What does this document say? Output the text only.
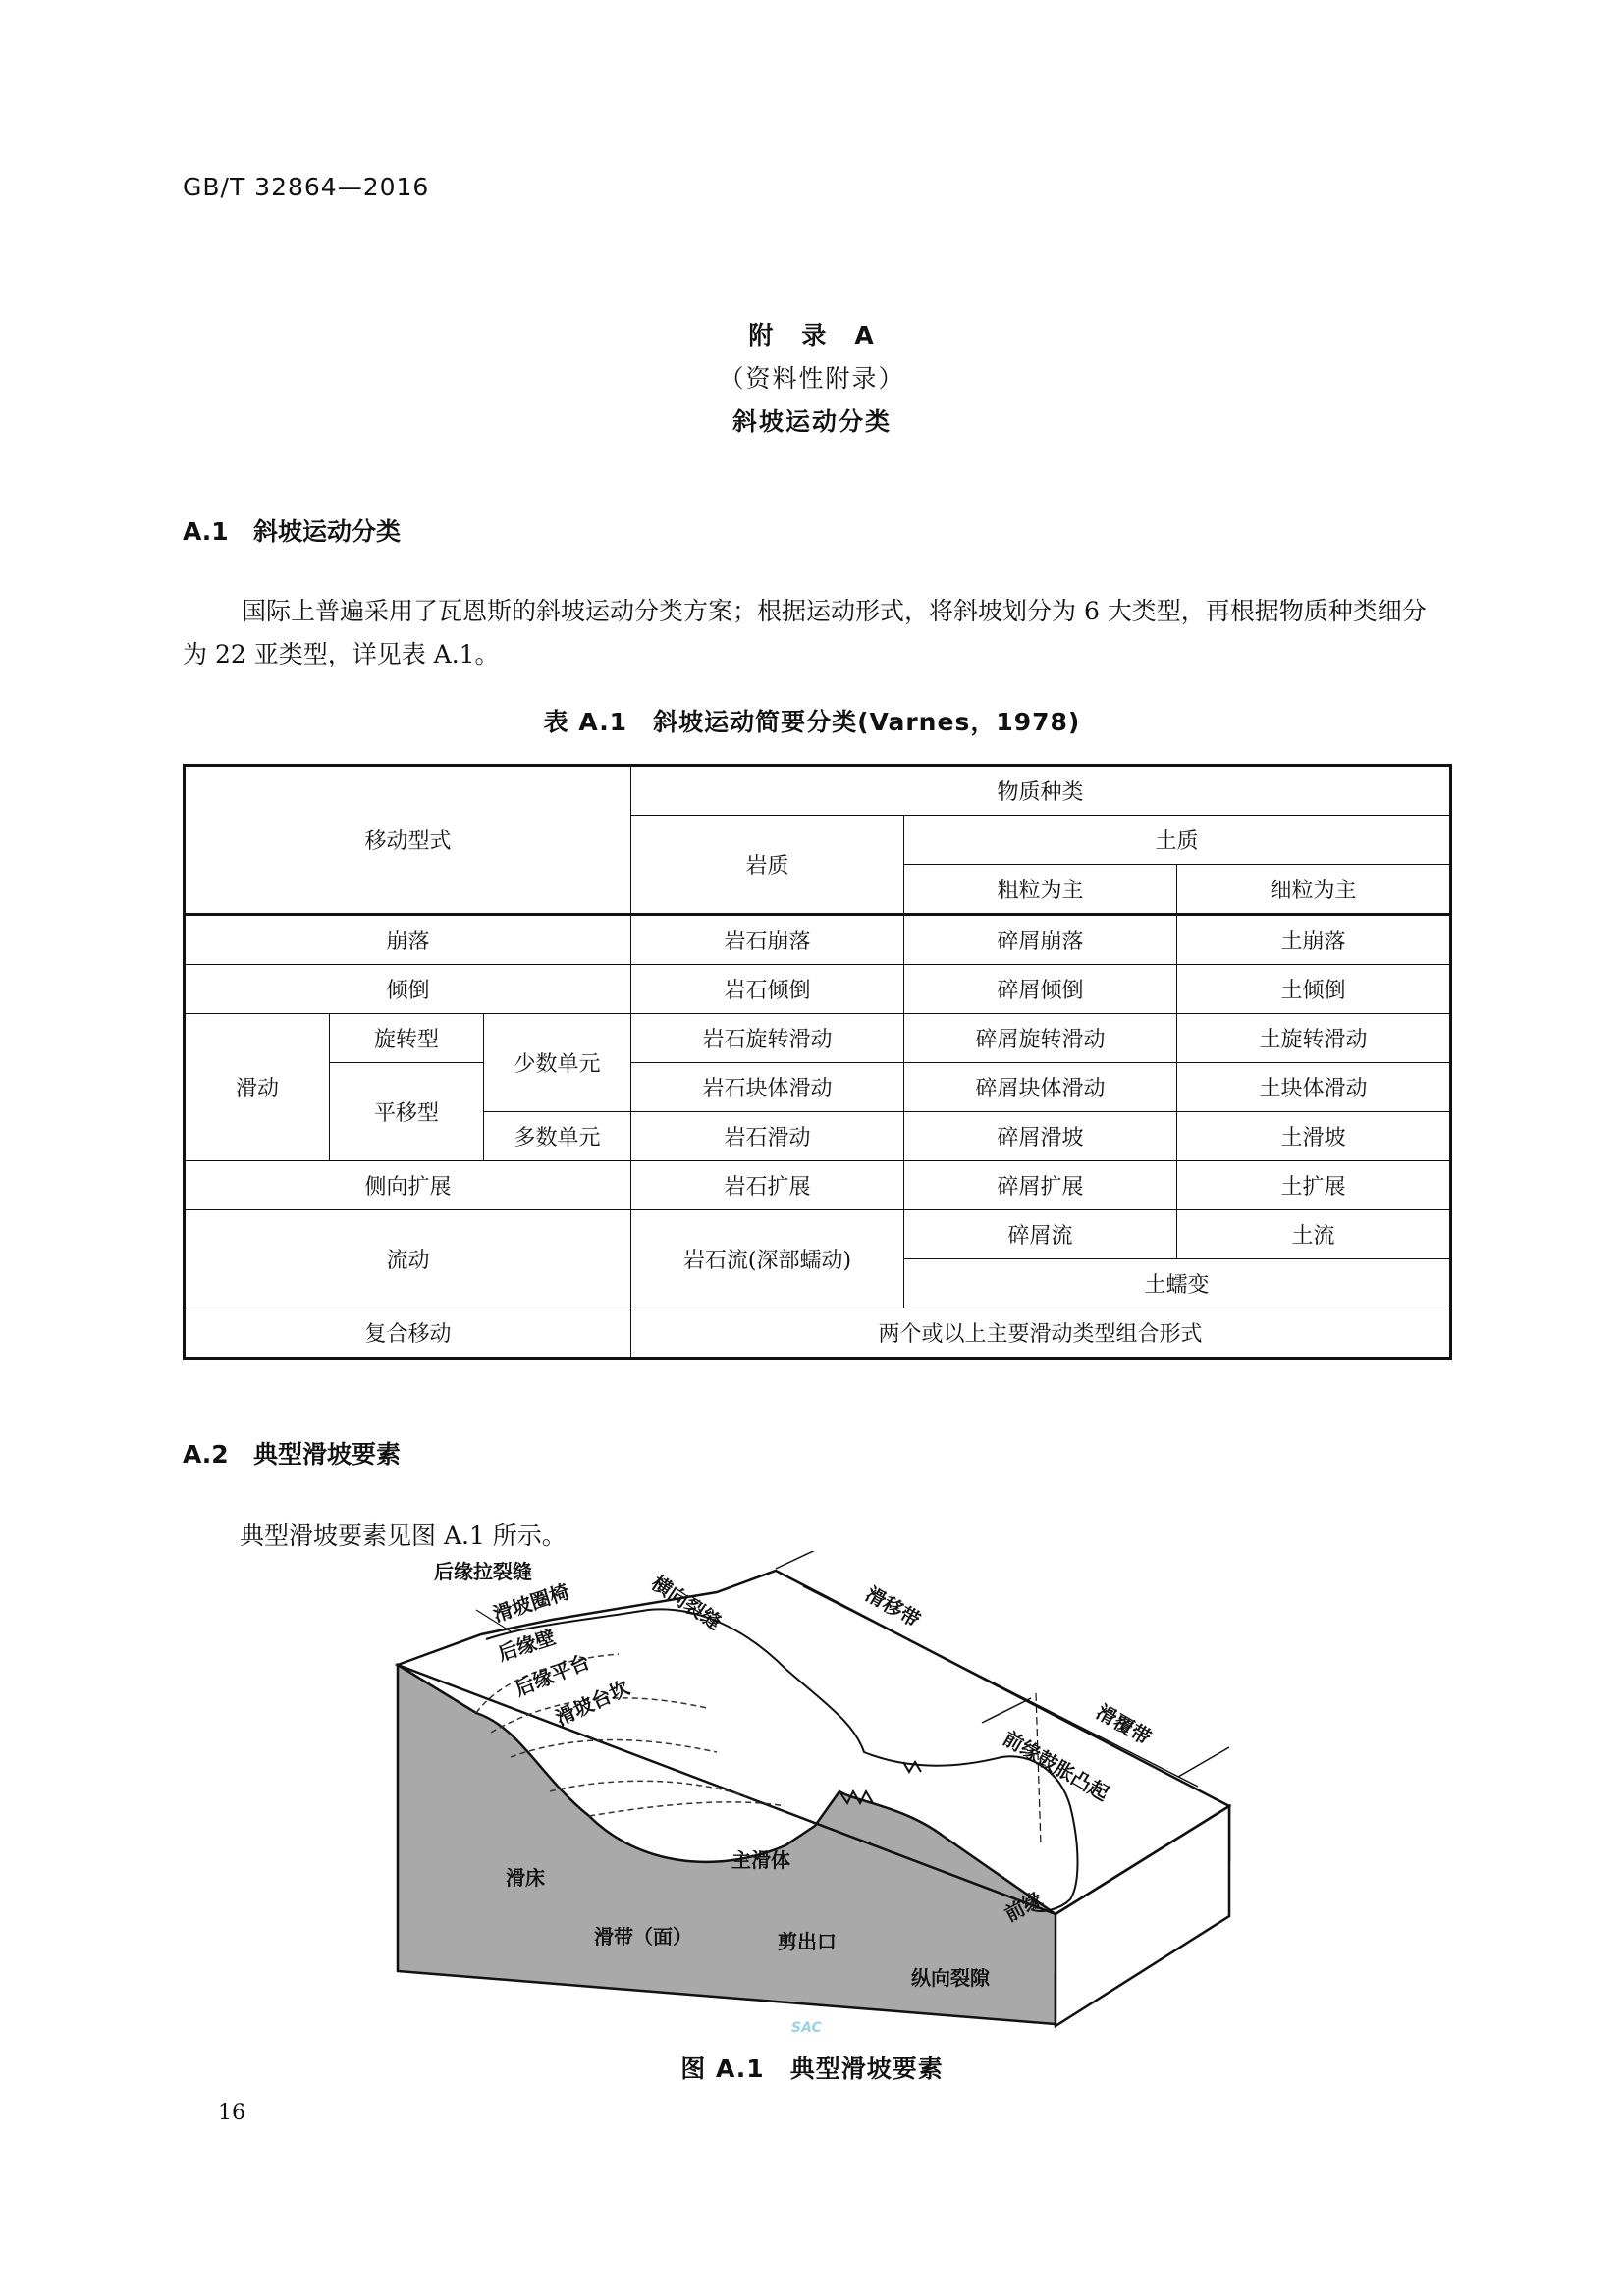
GB/T 32864—2016
附　录　A
（资料性附录）
斜坡运动分类
A.1 斜坡运动分类
国际上普遍采用了瓦恩斯的斜坡运动分类方案；根据运动形式，将斜坡划分为 6 大类型，再根据物质种类细分为 22 亚类型，详见表 A.1。
表 A.1　斜坡运动简要分类(Varnes，1978)
移动型式			物质种类		
			岩质	土质	
				粗粒为主	细粒为主
崩落			岩石崩落	碎屑崩落	土崩落
倾倒			岩石倾倒	碎屑倾倒	土倾倒
滑动	旋转型	少数单元	岩石旋转滑动	碎屑旋转滑动	土旋转滑动
	平移型		岩石块体滑动	碎屑块体滑动	土块体滑动
		多数单元	岩石滑动	碎屑滑坡	土滑坡
侧向扩展			岩石扩展	碎屑扩展	土扩展
流动			岩石流(深部蠕动)	碎屑流	土流
				土蠕变	
复合移动			两个或以上主要滑动类型组合形式		
A.2 典型滑坡要素
典型滑坡要素见图 A.1 所示。
后缘拉裂缝
滑坡圈椅
后缘壁
后缘平台
滑坡台坎
横向裂缝	滑移带
滑覆带
前缘鼓胀凸起
滑床
主滑体
滑带（面）	剪出口
前缘
纵向裂隙
SAC
图 A.1　典型滑坡要素
16
